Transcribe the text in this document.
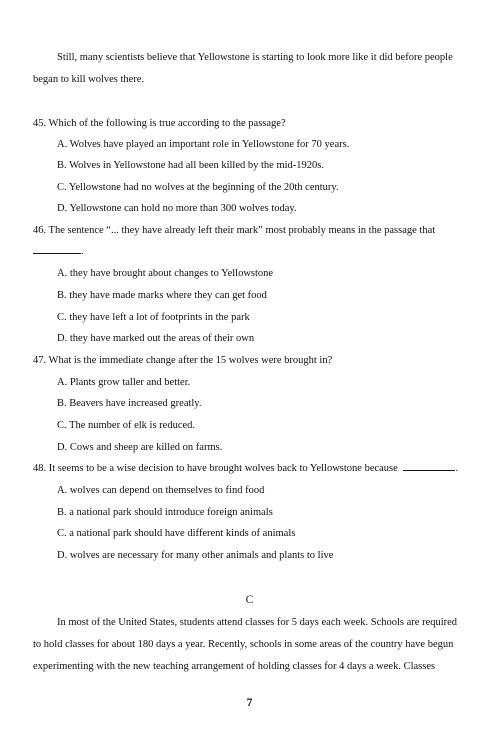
Still, many scientists believe that Yellowstone is starting to look more like it did before people
began to kill wolves there.
45. Which of the following is true according to the passage?
A. Wolves have played an important role in Yellowstone for 70 years.
B. Wolves in Yellowstone had all been killed by the mid-1920s.
C. Yellowstone had no wolves at the beginning of the 20th century.
D. Yellowstone can hold no more than 300 wolves today.
46. The sentence “... they have already left their mark” most probably means in the passage that
.
A. they have brought about changes to Yellowstone
B. they have made marks where they can get food
C. they have left a lot of footprints in the park
D. they have marked out the areas of their own
47. What is the immediate change after the 15 wolves were brought in?
A. Plants grow taller and better.
B. Beavers have increased greatly.
C. The number of elk is reduced.
D. Cows and sheep are killed on farms.
48. It seems to be a wise decision to have brought wolves back to Yellowstone because	.
A. wolves can depend on themselves to find food
B. a national park should introduce foreign animals
C. a national park should have different kinds of animals
D. wolves are necessary for many other animals and plants to live
C
In most of the United States, students attend classes for 5 days each week. Schools are required
to hold classes for about 180 days a year. Recently, schools in some areas of the country have begun
experimenting with the new teaching arrangement of holding classes for 4 days a week. Classes
7
